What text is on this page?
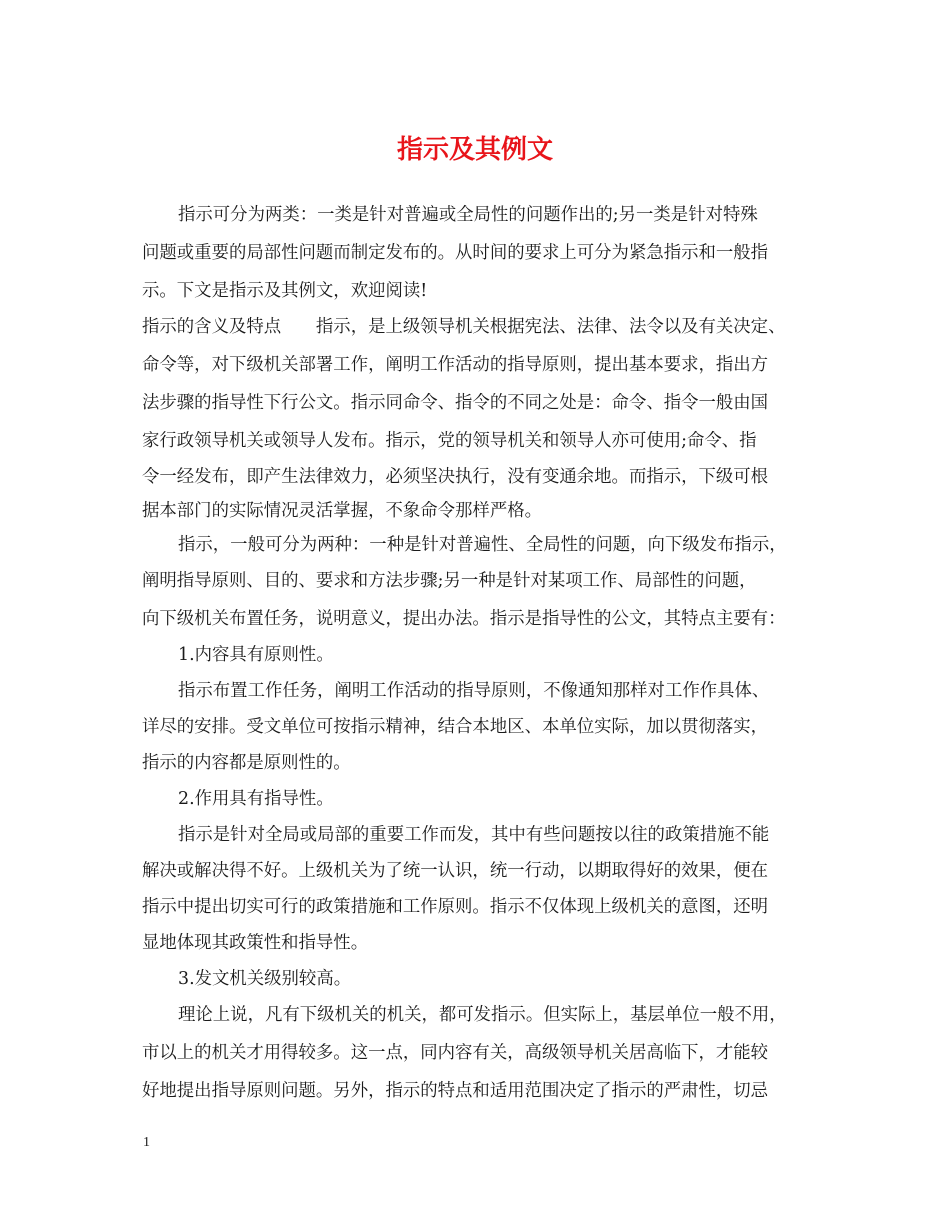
指示及其例文
指示可分为两类：一类是针对普遍或全局性的问题作出的;另一类是针对特殊
问题或重要的局部性问题而制定发布的。从时间的要求上可分为紧急指示和一般指
示。下文是指示及其例文，欢迎阅读!
指示的含义及特点　　指示，是上级领导机关根据宪法、法律、法令以及有关决定、
命令等，对下级机关部署工作，阐明工作活动的指导原则，提出基本要求，指出方
法步骤的指导性下行公文。指示同命令、指令的不同之处是：命令、指令一般由国
家行政领导机关或领导人发布。指示，党的领导机关和领导人亦可使用;命令、指
令一经发布，即产生法律效力，必须坚决执行，没有变通余地。而指示，下级可根
据本部门的实际情况灵活掌握，不象命令那样严格。
指示，一般可分为两种：一种是针对普遍性、全局性的问题，向下级发布指示，
阐明指导原则、目的、要求和方法步骤;另一种是针对某项工作、局部性的问题，
向下级机关布置任务，说明意义，提出办法。指示是指导性的公文，其特点主要有：
1.内容具有原则性。
指示布置工作任务，阐明工作活动的指导原则，不像通知那样对工作作具体、
详尽的安排。受文单位可按指示精神，结合本地区、本单位实际，加以贯彻落实，
指示的内容都是原则性的。
2.作用具有指导性。
指示是针对全局或局部的重要工作而发，其中有些问题按以往的政策措施不能
解决或解决得不好。上级机关为了统一认识，统一行动，以期取得好的效果，便在
指示中提出切实可行的政策措施和工作原则。指示不仅体现上级机关的意图，还明
显地体现其政策性和指导性。
3.发文机关级别较高。
理论上说，凡有下级机关的机关，都可发指示。但实际上，基层单位一般不用，
市以上的机关才用得较多。这一点，同内容有关，高级领导机关居高临下，才能较
好地提出指导原则问题。另外，指示的特点和适用范围决定了指示的严肃性，切忌
1
